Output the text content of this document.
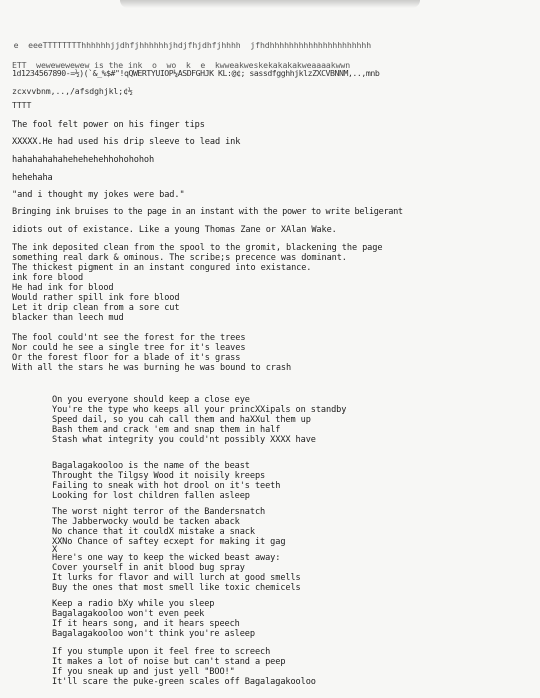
e  eeeTTTTTTTThhhhhhjjdhfjhhhhhhjhdjfhjdhfjhhhh  jfhdhhhhhhhhhhhhhhhhhhhhh
ETT  wewewewewew is the ink  o  wo  k  e  kwweakweskekakakakweaaaakwwn
1d1234567890-=½)(`&_%$#"!qQWERTYUIOP¼ASDFGHJK KL:@¢; sassdfgghhjklzZXCVBNNM,..,mnb
zcxvvbnm,..,/afsdghjkl;¢½
TTTT
The fool felt power on his finger tips
XXXXX.He had used his drip sleeve to lead ink
hahahahahahehehehehhohohohoh
hehehaha
"and i thought my jokes were bad."
Bringing ink bruises to the page in an instant with the power to write beligerant
idiots out of existance. Like a young Thomas Zane or XAlan Wake.
The ink deposited clean from the spool to the gromit, blackening the page
something real dark & ominous. The scribe;s precence was dominant.
The thickest pigment in an instant congured into existance.
ink fore blood
He had ink for blood
Would rather spill ink fore blood
Let it drip clean from a sore cut
blacker than leech mud
The fool could'nt see the forest for the trees
Nor could he see a single tree for it's leaves
Or the forest floor for a blade of it's grass
With all the stars he was burning he was bound to crash
On you everyone should keep a close eye
You're the type who keeps all your princXXipals on standby
Speed dail, so you cah call them and haXXul them up
Bash them and crack 'em and snap them in half
Stash what integrity you could'nt possibly XXXX have
Bagalagakooloo is the name of the beast
Throught the Tilgsy Wood it noisily kreeps
Failing to sneak with hot drool on it's teeth
Looking for lost children fallen asleep
The worst night terror of the Bandersnatch
The Jabberwocky would be tacken aback
No chance that it couldX mistake a snack
XXNo Chance of saftey ecxept for making it gag
X
Here's one way to keep the wicked beast away:
Cover yourself in anit blood bug spray
It lurks for flavor and will lurch at good smells
Buy the ones that most smell like toxic chemicels
Keep a radio bXy while you sleep
Bagalagakooloo won't even peek
If it hears song, and it hears speech
Bagalagakooloo won't think you're asleep
If you stumple upon it feel free to screech
It makes a lot of noise but can't stand a peep
If you sneak up and just yell "BOO!"
It'll scare the puke-green scales off Bagalagakooloo
